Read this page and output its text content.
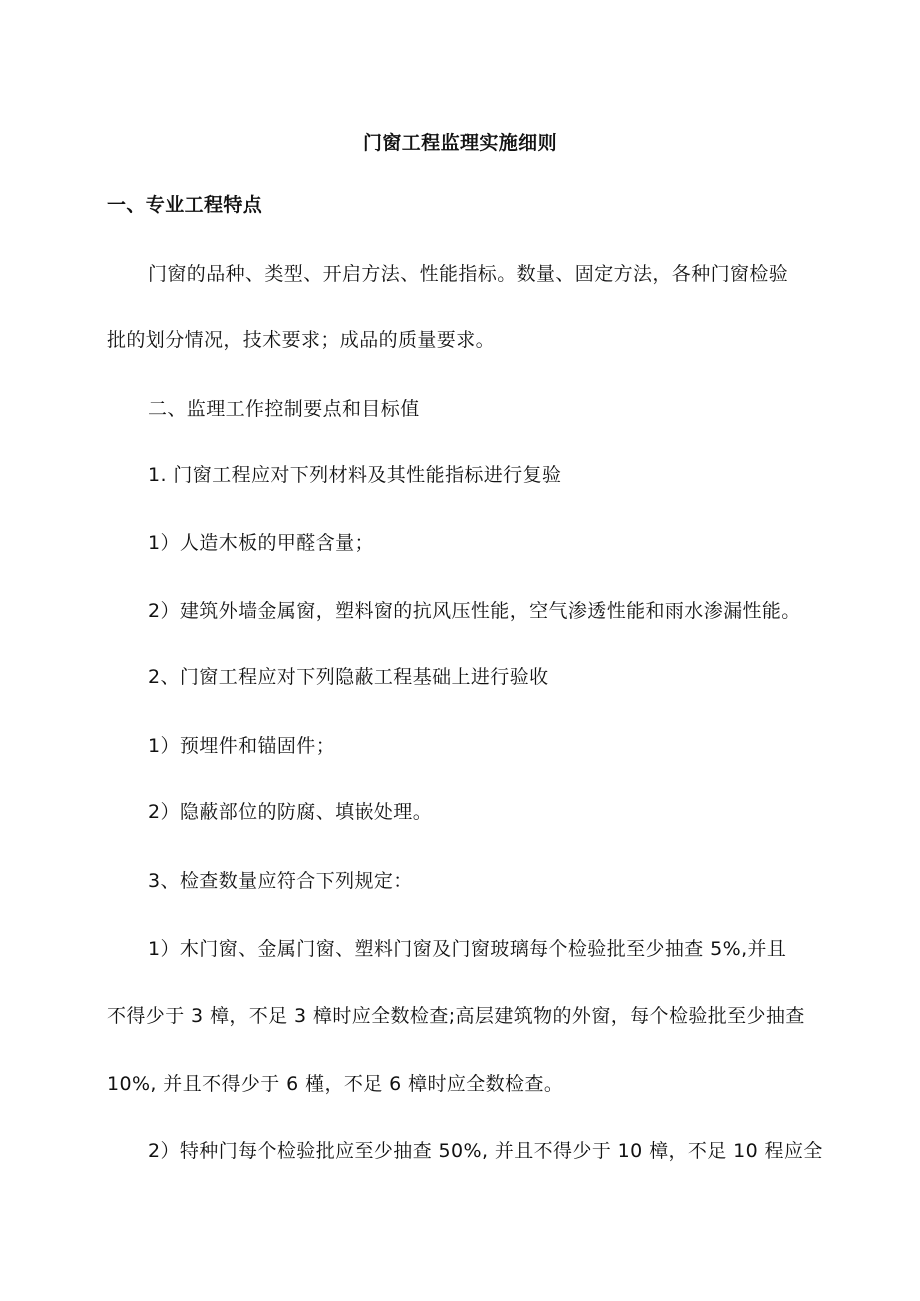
门窗工程监理实施细则
一、专业工程特点
门窗的品种、类型、开启方法、性能指标。数量、固定方法，各种门窗检验
批的划分情况，技术要求；成品的质量要求。
二、监理工作控制要点和目标值
1. 门窗工程应对下列材料及其性能指标进行复验
1）人造木板的甲醛含量；
2）建筑外墙金属窗，塑料窗的抗风压性能，空气渗透性能和雨水渗漏性能。
2、门窗工程应对下列隐蔽工程基础上进行验收
1）预埋件和锚固件；
2）隐蔽部位的防腐、填嵌处理。
3、检查数量应符合下列规定：
1）木门窗、金属门窗、塑料门窗及门窗玻璃每个检验批至少抽查 5%,并且
不得少于 3 樟，不足 3 樟时应全数检查;高层建筑物的外窗，每个检验批至少抽查
10%, 并且不得少于 6 槿，不足 6 樟时应全数检查。
2）特种门每个检验批应至少抽查 50%, 并且不得少于 10 樟，不足 10 程应全
